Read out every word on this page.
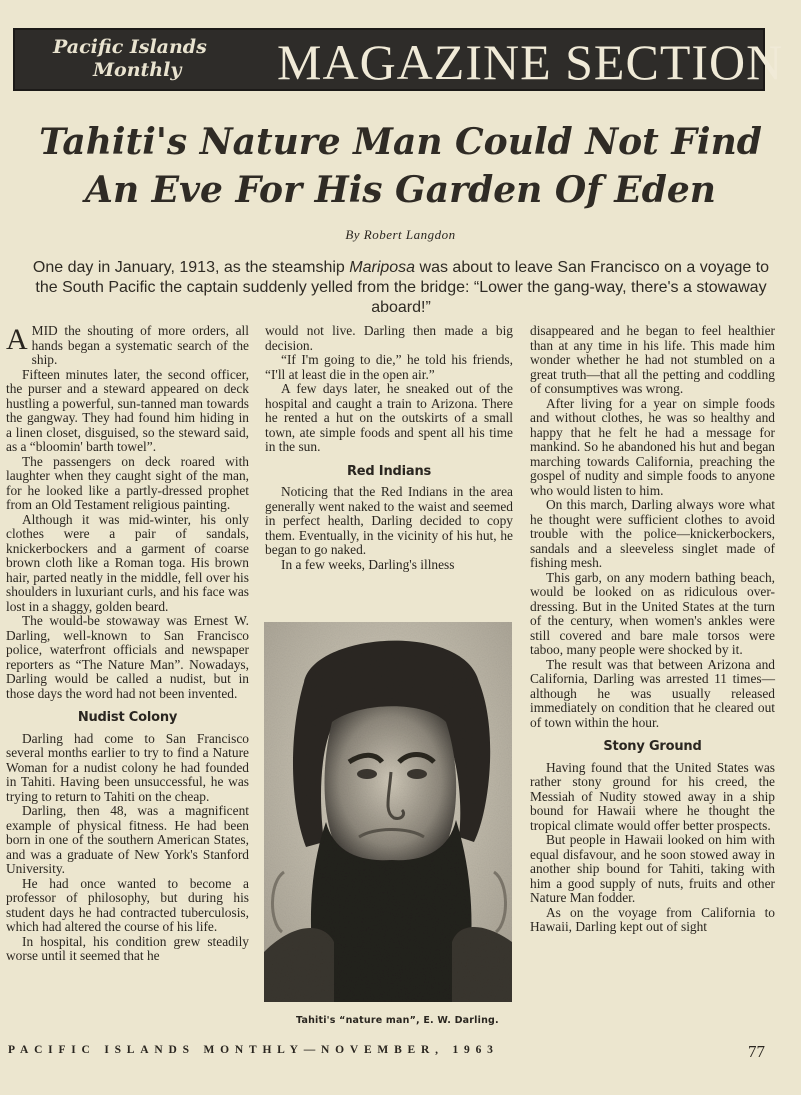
Pacific Islands
Monthly	MAGAZINE SECTION
Tahiti's Nature Man Could Not Find
An Eve For His Garden Of Eden
By Robert Langdon

One day in January, 1913, as the steamship Mariposa was about to leave San Francisco on a voyage to the South Pacific the captain suddenly yelled from the bridge: “Lower the gang-way, there's a stowaway aboard!”

AMID the shouting of more orders, all hands began a systematic search of the ship.

Fifteen minutes later, the second officer, the purser and a steward appeared on deck hustling a powerful, sun-tanned man towards the gangway. They had found him hiding in a linen closet, disguised, so the steward said, as a “bloomin' barth towel”.

The passengers on deck roared with laughter when they caught sight of the man, for he looked like a partly-dressed prophet from an Old Testament religious painting.

Although it was mid-winter, his only clothes were a pair of sandals, knickerbockers and a garment of coarse brown cloth like a Roman toga. His brown hair, parted neatly in the middle, fell over his shoulders in luxuriant curls, and his face was lost in a shaggy, golden beard.

The would-be stowaway was Ernest W. Darling, well-known to San Francisco police, waterfront officials and newspaper reporters as “The Nature Man”. Nowadays, Darling would be called a nudist, but in those days the word had not been invented.

Nudist Colony

Darling had come to San Francisco several months earlier to try to find a Nature Woman for a nudist colony he had founded in Tahiti. Having been unsuccessful, he was trying to return to Tahiti on the cheap.

Darling, then 48, was a magnificent example of physical fitness. He had been born in one of the southern American States, and was a graduate of New York's Stanford University.

He had once wanted to become a professor of philosophy, but during his student days he had contracted tuberculosis, which had altered the course of his life.

In hospital, his condition grew steadily worse until it seemed that he

would not live. Darling then made a big decision.

“If I'm going to die,” he told his friends, “I'll at least die in the open air.”

A few days later, he sneaked out of the hospital and caught a train to Arizona. There he rented a hut on the outskirts of a small town, ate simple foods and spent all his time in the sun.

Red Indians

Noticing that the Red Indians in the area generally went naked to the waist and seemed in perfect health, Darling decided to copy them. Eventually, in the vicinity of his hut, he began to go naked.

In a few weeks, Darling's illness

Tahiti's “nature man”, E. W. Darling.

disappeared and he began to feel healthier than at any time in his life. This made him wonder whether he had not stumbled on a great truth—that all the petting and coddling of consumptives was wrong.

After living for a year on simple foods and without clothes, he was so healthy and happy that he felt he had a message for mankind. So he abandoned his hut and began marching towards California, preaching the gospel of nudity and simple foods to anyone who would listen to him.

On this march, Darling always wore what he thought were sufficient clothes to avoid trouble with the police—knickerbockers, sandals and a sleeveless singlet made of fishing mesh.

This garb, on any modern bathing beach, would be looked on as ridiculous over-dressing. But in the United States at the turn of the century, when women's ankles were still covered and bare male torsos were taboo, many people were shocked by it.

The result was that between Arizona and California, Darling was arrested 11 times—although he was usually released immediately on condition that he cleared out of town within the hour.

Stony Ground

Having found that the United States was rather stony ground for his creed, the Messiah of Nudity stowed away in a ship bound for Hawaii where he thought the tropical climate would offer better prospects.

But people in Hawaii looked on him with equal disfavour, and he soon stowed away in another ship bound for Tahiti, taking with him a good supply of nuts, fruits and other Nature Man fodder.

As on the voyage from California to Hawaii, Darling kept out of sight

PACIFIC ISLANDS MONTHLY—NOVEMBER, 1963	77
